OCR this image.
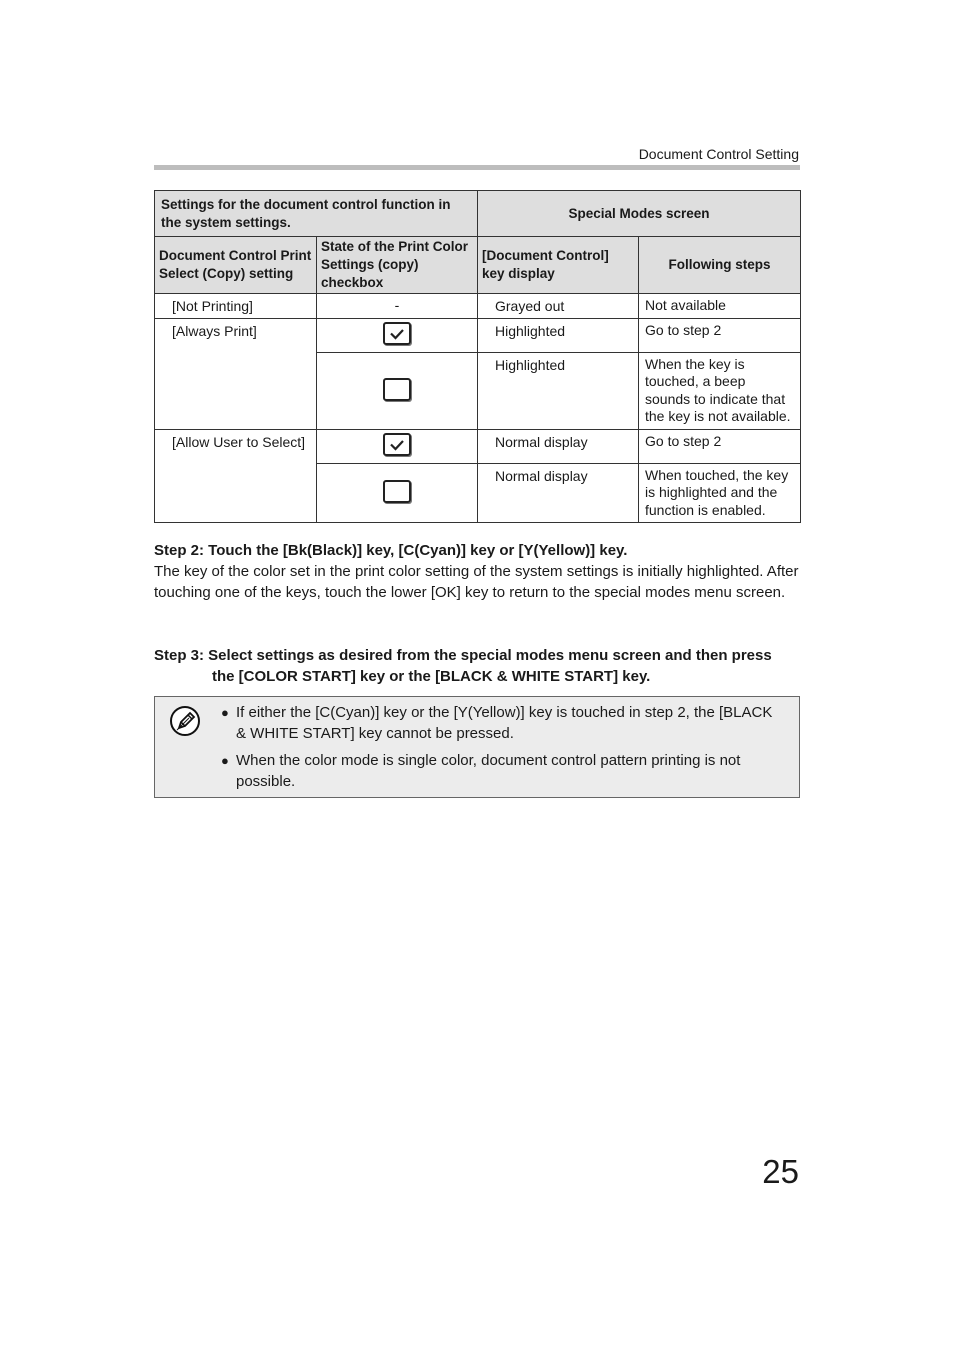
Document Control Setting
Settings for the document control function in the system settings.		Special Modes screen	
Document Control Print Select (Copy) setting	State of the Print Color Settings (copy) checkbox	[Document Control] key display	Following steps
[Not Printing]	-	Grayed out	Not available
[Always Print]		Highlighted	Go to step 2
		Highlighted	When the key is touched, a beep sounds to indicate that the key is not available.
[Allow User to Select]		Normal display	Go to step 2
		Normal display	When touched, the key is highlighted and the function is enabled.
Step 2: Touch the [Bk(Black)] key, [C(Cyan)] key or [Y(Yellow)] key.
The key of the color set in the print color setting of the system settings is initially highlighted. After touching one of the keys, touch the lower [OK] key to return to the special modes menu screen.
Step 3: Select settings as desired from the special modes menu screen and then press
the [COLOR START] key or the [BLACK & WHITE START] key.
● If either the [C(Cyan)] key or the [Y(Yellow)] key is touched in step 2, the [BLACK & WHITE START] key cannot be pressed.
● When the color mode is single color, document control pattern printing is not possible.
25
